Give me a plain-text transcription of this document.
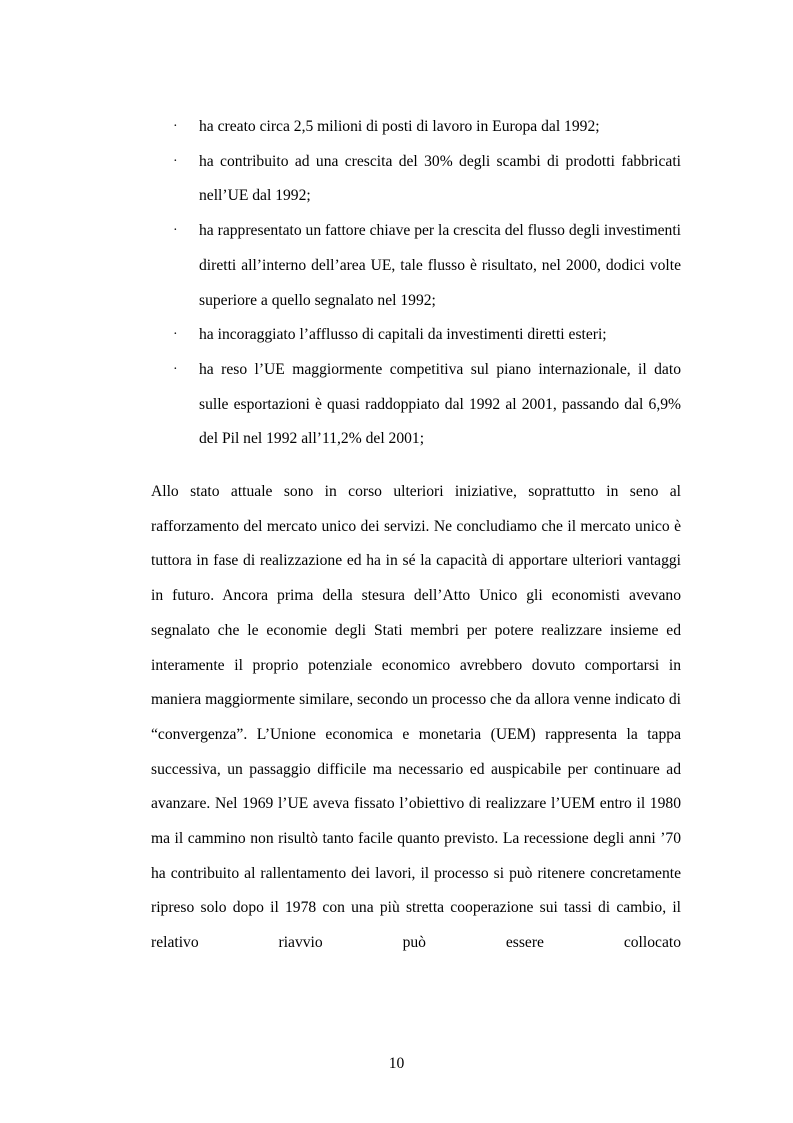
· ha creato circa 2,5 milioni di posti di lavoro in Europa dal 1992;
· ha contribuito ad una crescita del 30% degli scambi di prodotti fabbricati nell’UE dal 1992;
· ha rappresentato un fattore chiave per la crescita del flusso degli investimenti diretti all’interno dell’area UE, tale flusso è risultato, nel 2000, dodici volte superiore a quello segnalato nel 1992;
· ha incoraggiato l’afflusso di capitali da investimenti diretti esteri;
· ha reso l’UE maggiormente competitiva sul piano internazionale, il dato sulle esportazioni è quasi raddoppiato dal 1992 al 2001, passando dal 6,9% del Pil nel 1992 all’11,2% del 2001;

Allo stato attuale sono in corso ulteriori iniziative, soprattutto in seno al rafforzamento del mercato unico dei servizi. Ne concludiamo che il mercato unico è tuttora in fase di realizzazione ed ha in sé la capacità di apportare ulteriori vantaggi in futuro. Ancora prima della stesura dell’Atto Unico gli economisti avevano segnalato che le economie degli Stati membri per potere realizzare insieme ed interamente il proprio potenziale economico avrebbero dovuto comportarsi in maniera maggiormente similare, secondo un processo che da allora venne indicato di “convergenza”. L’Unione economica e monetaria (UEM) rappresenta la tappa successiva, un passaggio difficile ma necessario ed auspicabile per continuare ad avanzare. Nel 1969 l’UE aveva fissato l’obiettivo di realizzare l’UEM entro il 1980 ma il cammino non risultò tanto facile quanto previsto. La recessione degli anni ’70 ha contribuito al rallentamento dei lavori, il processo si può ritenere concretamente ripreso solo dopo il 1978 con una più stretta cooperazione sui tassi di cambio, il relativo riavvio può essere collocato

10
